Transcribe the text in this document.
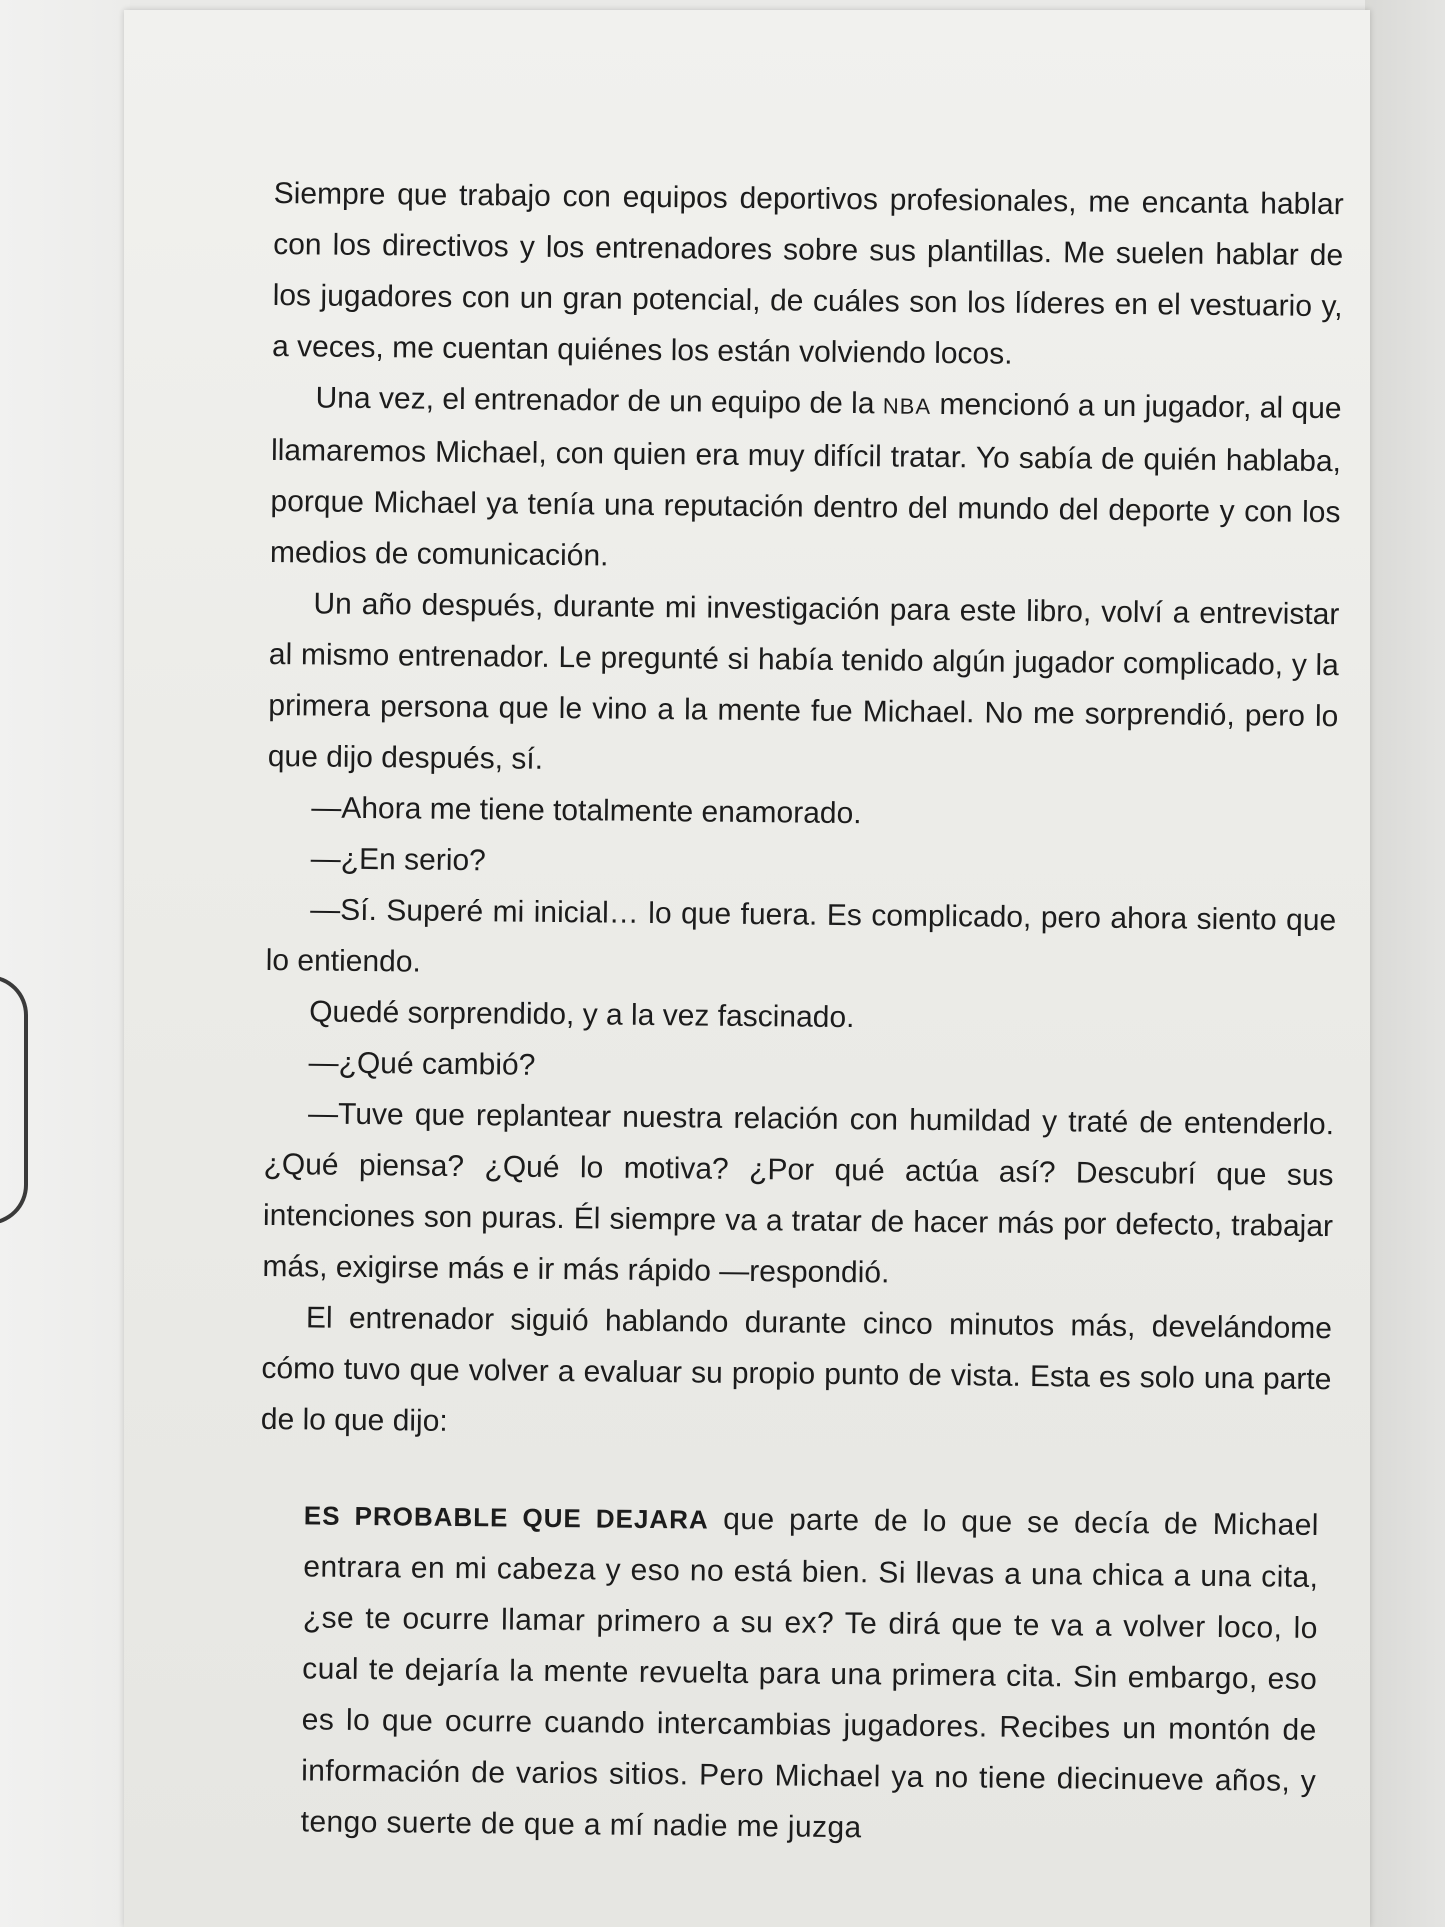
Siempre que trabajo con equipos deportivos profesionales, me encanta hablar con los directivos y los entrenadores sobre sus plantillas. Me suelen hablar de los jugadores con un gran potencial, de cuáles son los líderes en el vestuario y, a veces, me cuentan quiénes los están volviendo locos.

Una vez, el entrenador de un equipo de la NBA mencionó a un jugador, al que llamaremos Michael, con quien era muy difícil tratar. Yo sabía de quién hablaba, porque Michael ya tenía una reputación dentro del mundo del deporte y con los medios de comunicación.

Un año después, durante mi investigación para este libro, volví a entrevistar al mismo entrenador. Le pregunté si había tenido algún jugador complicado, y la primera persona que le vino a la mente fue Michael. No me sorprendió, pero lo que dijo después, sí.

—Ahora me tiene totalmente enamorado.

—¿En serio?

—Sí. Superé mi inicial… lo que fuera. Es complicado, pero ahora siento que lo entiendo.

Quedé sorprendido, y a la vez fascinado.

—¿Qué cambió?

—Tuve que replantear nuestra relación con humildad y traté de entenderlo. ¿Qué piensa? ¿Qué lo motiva? ¿Por qué actúa así? Descubrí que sus intenciones son puras. Él siempre va a tratar de hacer más por defecto, trabajar más, exigirse más e ir más rápido —respondió.

El entrenador siguió hablando durante cinco minutos más, develándome cómo tuvo que volver a evaluar su propio punto de vista. Esta es solo una parte de lo que dijo:

ES PROBABLE QUE DEJARA que parte de lo que se decía de Michael entrara en mi cabeza y eso no está bien. Si llevas a una chica a una cita, ¿se te ocurre llamar primero a su ex? Te dirá que te va a volver loco, lo cual te dejaría la mente revuelta para una primera cita. Sin embargo, eso es lo que ocurre cuando intercambias jugadores. Recibes un montón de información de varios sitios. Pero Michael ya no tiene diecinueve años, y tengo suerte de que a mí nadie me juzga
